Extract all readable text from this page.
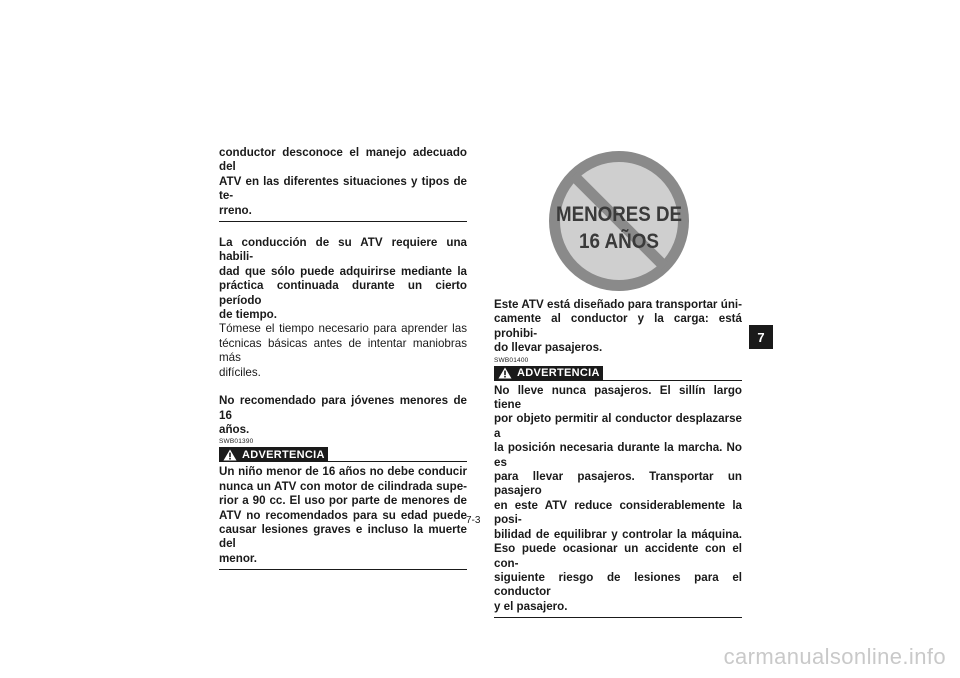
conductor desconoce el manejo adecuado del
ATV en las diferentes situaciones y tipos de te-
rreno.
La conducción de su ATV requiere una habili-
dad que sólo puede adquirirse mediante la
práctica continuada durante un cierto período
de tiempo.
Tómese el tiempo necesario para aprender las
técnicas básicas antes de intentar maniobras más
difíciles.
No recomendado para jóvenes menores de 16
años.
SWB01390
ADVERTENCIA
Un niño menor de 16 años no debe conducir
nunca un ATV con motor de cilindrada supe-
rior a 90 cc. El uso por parte de menores de
ATV no recomendados para su edad puede
causar lesiones graves e incluso la muerte del
menor.
MENORES DE
16 AÑOS
Este ATV está diseñado para transportar úni-
camente al conductor y la carga: está prohibi-
do llevar pasajeros.
SWB01400
ADVERTENCIA
No lleve nunca pasajeros. El sillín largo tiene
por objeto permitir al conductor desplazarse a
la posición necesaria durante la marcha. No es
para llevar pasajeros. Transportar un pasajero
en este ATV reduce considerablemente la posi-
bilidad de equilibrar y controlar la máquina.
Eso puede ocasionar un accidente con el con-
siguiente riesgo de lesiones para el conductor
y el pasajero.
7
7-3
carmanualsonline.info
